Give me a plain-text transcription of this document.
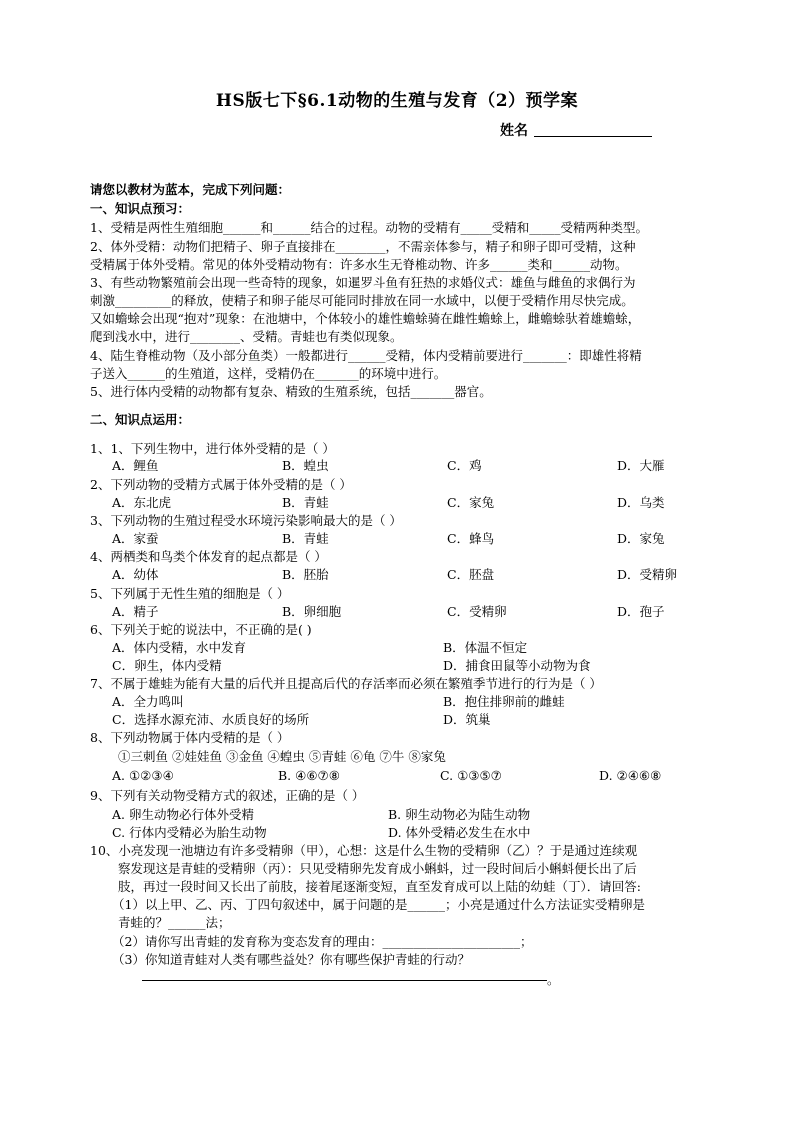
HS版七下§6.1动物的生殖与发育（2）预学案
姓名
请您以教材为蓝本，完成下列问题：
一、知识点预习：
1、受精是两性生殖细胞______和______结合的过程。动物的受精有_____受精和_____受精两种类型。
2、体外受精：动物们把精子、卵子直接排在________，不需亲体参与，精子和卵子即可受精，这种
受精属于体外受精。常见的体外受精动物有：许多水生无脊椎动物、许多______类和______动物。
3、有些动物繁殖前会出现一些奇特的现象，如暹罗斗鱼有狂热的求婚仪式：雄鱼与雌鱼的求偶行为
刺激_________的释放，使精子和卵子能尽可能同时排放在同一水域中，以便于受精作用尽快完成。
又如蟾蜍会出现“抱对”现象：在池塘中，个体较小的雄性蟾蜍骑在雌性蟾蜍上，雌蟾蜍驮着雄蟾蜍，
爬到浅水中，进行________、受精。青蛙也有类似现象。
4、陆生脊椎动物（及小部分鱼类）一般都进行______受精，体内受精前要进行_______：即雄性将精
子送入______的生殖道，这样，受精仍在_______的环境中进行。
5、进行体内受精的动物都有复杂、精致的生殖系统，包括_______器官。
二、知识点运用：
1、1、下列生物中，进行体外受精的是（ ）
A．鲤鱼	B．蝗虫	C．鸡	D．大雁
2、下列动物的受精方式属于体外受精的是（ ）
A．东北虎	B．青蛙	C．家兔	D．乌类
3、下列动物的生殖过程受水环境污染影响最大的是（ ）
A．家蚕	B．青蛙	C．蜂鸟	D．家兔
4、两栖类和鸟类个体发育的起点都是（ ）
A．幼体	B．胚胎	C．胚盘	D．受精卵
5、下列属于无性生殖的细胞是（ ）
A．精子	B．卵细胞	C．受精卵	D．孢子
6、下列关于蛇的说法中，不正确的是( )
A．体内受精，水中发育	B．体温不恒定
C．卵生，体内受精	D．捕食田鼠等小动物为食
7、不属于雄蛙为能有大量的后代并且提高后代的存活率而必须在繁殖季节进行的行为是（ ）
A．全力鸣叫	B．抱住排卵前的雌蛙
C．选择水源充沛、水质良好的场所	D．筑巢
8、下列动物属于体内受精的是（ ）
①三刺鱼 ②娃娃鱼 ③金鱼 ④蝗虫 ⑤青蛙 ⑥龟 ⑦牛 ⑧家兔
A. ①②③④	B. ④⑥⑦⑧	C. ①③⑤⑦	D. ②④⑥⑧
9、下列有关动物受精方式的叙述，正确的是（ ）
A. 卵生动物必行体外受精	B. 卵生动物必为陆生动物
C. 行体内受精必为胎生动物	D. 体外受精必发生在水中
10、小亮发现一池塘边有许多受精卵（甲），心想：这是什么生物的受精卵（乙）？于是通过连续观
察发现这是青蛙的受精卵（丙）：只见受精卵先发育成小蝌蚪，过一段时间后小蝌蚪便长出了后
肢，再过一段时间又长出了前肢，接着尾逐渐变短，直至发育成可以上陆的幼蛙（丁）．请回答:
（1）以上甲、乙、丙、丁四句叙述中，属于问题的是______；小亮是通过什么方法证实受精卵是
青蛙的？______法；
（2）请你写出青蛙的发育称为变态发育的理由：______________________；
（3）你知道青蛙对人类有哪些益处？你有哪些保护青蛙的行动？
。
